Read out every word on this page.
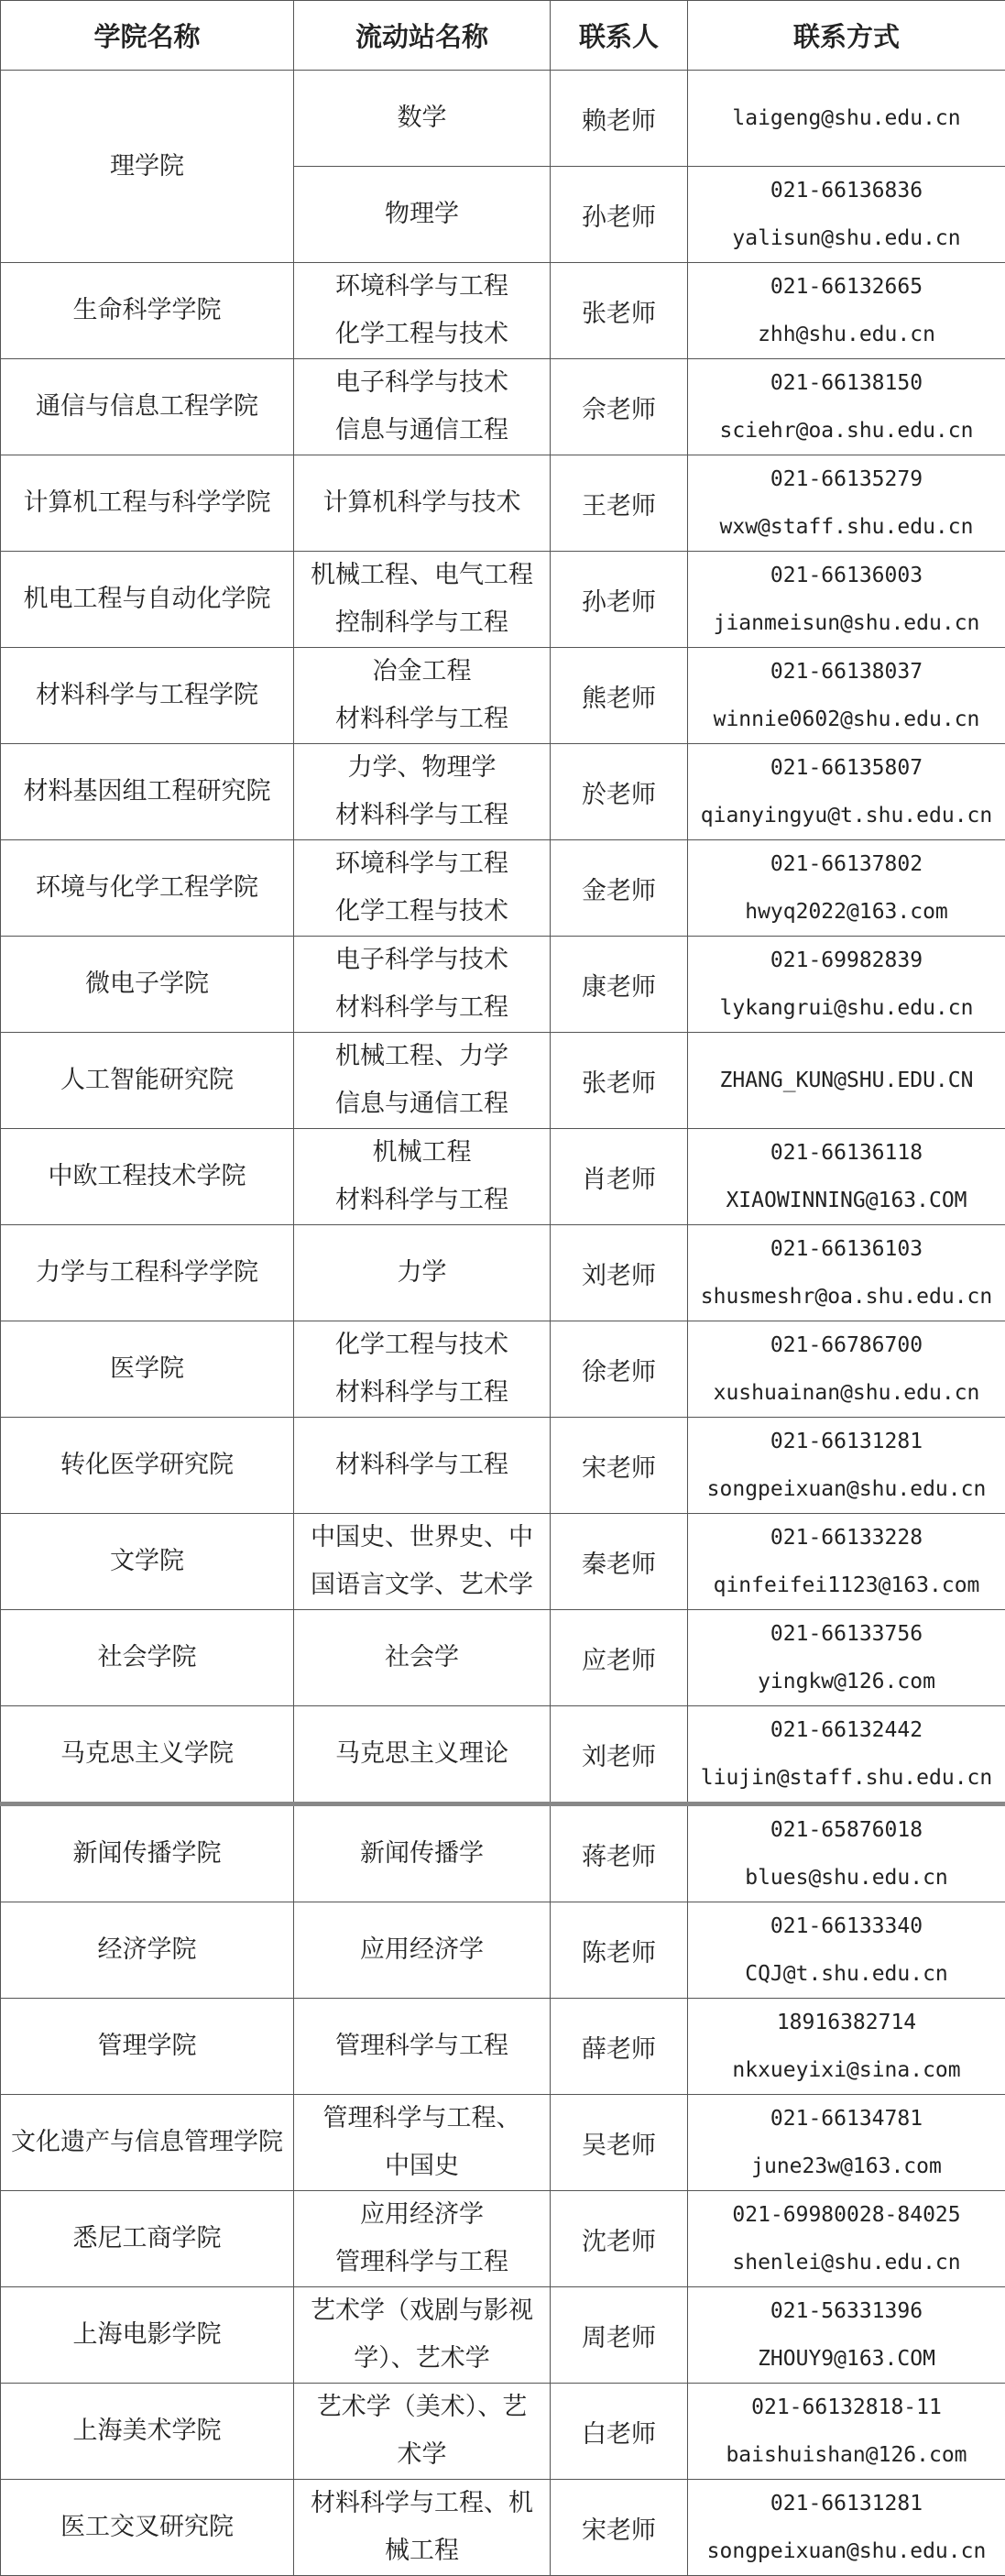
学院名称	流动站名称	联系人	联系方式
理学院	数学	赖老师	laigeng@shu.edu.cn

	物理学	孙老师	021-66136836
yalisun@shu.edu.cn

生命科学学院	环境科学与工程
化学工程与技术	张老师	021-66132665
zhh@shu.edu.cn

通信与信息工程学院	电子科学与技术
信息与通信工程	佘老师	021-66138150
sciehr@oa.shu.edu.cn

计算机工程与科学学院	计算机科学与技术	王老师	021-66135279
wxw@staff.shu.edu.cn

机电工程与自动化学院	机械工程、电气工程
控制科学与工程	孙老师	021-66136003
jianmeisun@shu.edu.cn

材料科学与工程学院	冶金工程
材料科学与工程	熊老师	021-66138037
winnie0602@shu.edu.cn

材料基因组工程研究院	力学、物理学
材料科学与工程	於老师	021-66135807
qianyingyu@t.shu.edu.cn

环境与化学工程学院	环境科学与工程
化学工程与技术	金老师	021-66137802
hwyq2022@163.com

微电子学院	电子科学与技术
材料科学与工程	康老师	021-69982839
lykangrui@shu.edu.cn

人工智能研究院	机械工程、力学
信息与通信工程	张老师	ZHANG_KUN@SHU.EDU.CN

中欧工程技术学院	机械工程
材料科学与工程	肖老师	021-66136118
XIAOWINNING@163.COM

力学与工程科学学院	力学	刘老师	021-66136103
shusmeshr@oa.shu.edu.cn

医学院	化学工程与技术
材料科学与工程	徐老师	021-66786700
xushuainan@shu.edu.cn

转化医学研究院	材料科学与工程	宋老师	021-66131281
songpeixuan@shu.edu.cn

文学院	中国史、世界史、中
国语言文学、艺术学	秦老师	021-66133228
qinfeifei1123@163.com

社会学院	社会学	应老师	021-66133756
yingkw@126.com

马克思主义学院	马克思主义理论	刘老师	021-66132442
liujin@staff.shu.edu.cn

新闻传播学院	新闻传播学	蒋老师	021-65876018
blues@shu.edu.cn

经济学院	应用经济学	陈老师	021-66133340
CQJ@t.shu.edu.cn

管理学院	管理科学与工程	薛老师	18916382714
nkxueyixi@sina.com

文化遗产与信息管理学院	管理科学与工程、
中国史	吴老师	021-66134781
june23w@163.com

悉尼工商学院	应用经济学
管理科学与工程	沈老师	021-69980028-84025
shenlei@shu.edu.cn

上海电影学院	艺术学（戏剧与影视
学）、艺术学	周老师	021-56331396
ZHOUY9@163.COM

上海美术学院	艺术学（美术）、艺
术学	白老师	021-66132818-11
baishuishan@126.com

医工交叉研究院	材料科学与工程、机
械工程	宋老师	021-66131281
songpeixuan@shu.edu.cn
